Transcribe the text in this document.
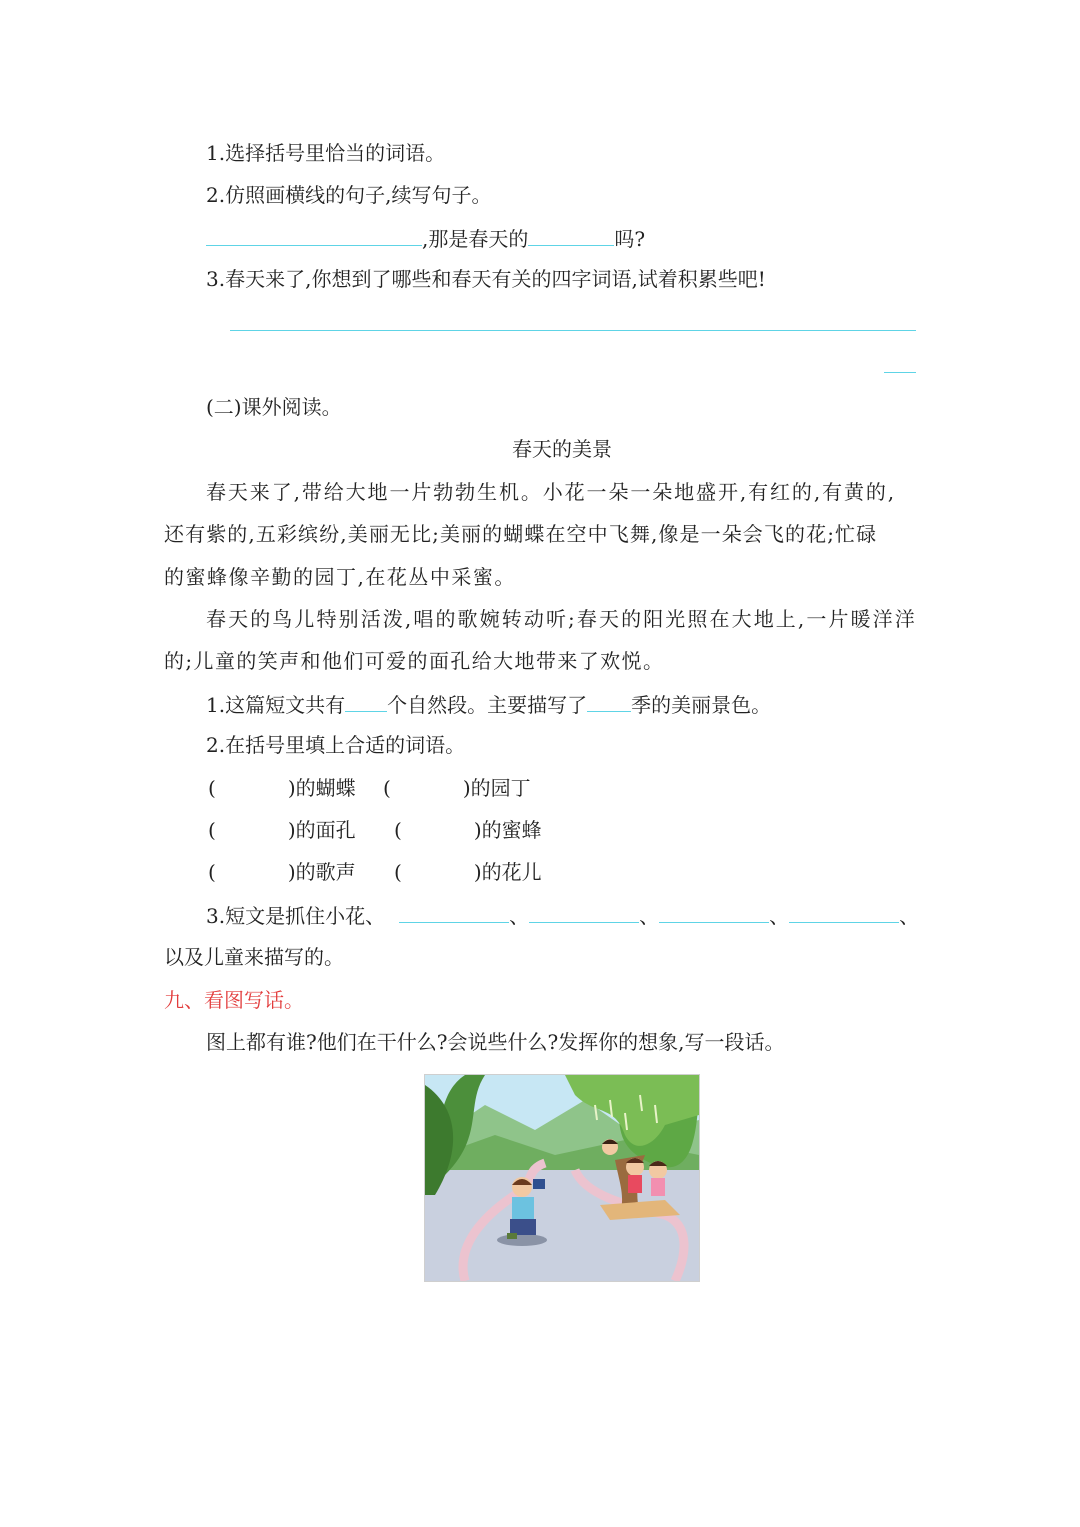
1.选择括号里恰当的词语。
2.仿照画横线的句子,续写句子。
,那是春天的	吗?
3.春天来了,你想到了哪些和春天有关的四字词语,试着积累些吧!
(二)课外阅读。
春天的美景
春天来了,带给大地一片勃勃生机。小花一朵一朵地盛开,有红的,有黄的,
还有紫的,五彩缤纷,美丽无比;美丽的蝴蝶在空中飞舞,像是一朵会飞的花;忙碌
的蜜蜂像辛勤的园丁,在花丛中采蜜。
春天的鸟儿特别活泼,唱的歌婉转动听;春天的阳光照在大地上,一片暖洋洋
的;儿童的笑声和他们可爱的面孔给大地带来了欢悦。
1.这篇短文共有 个自然段。主要描写了 季的美丽景色。
2.在括号里填上合适的词语。
(	)的蝴蝶 (	)的园丁
(	)的面孔 (	)的蜜蜂
(	)的歌声 (	)的花儿
3.短文是抓住小花、	、	、	、	、
以及儿童来描写的。
九、看图写话。
图上都有谁?他们在干什么?会说些什么?发挥你的想象,写一段话。
